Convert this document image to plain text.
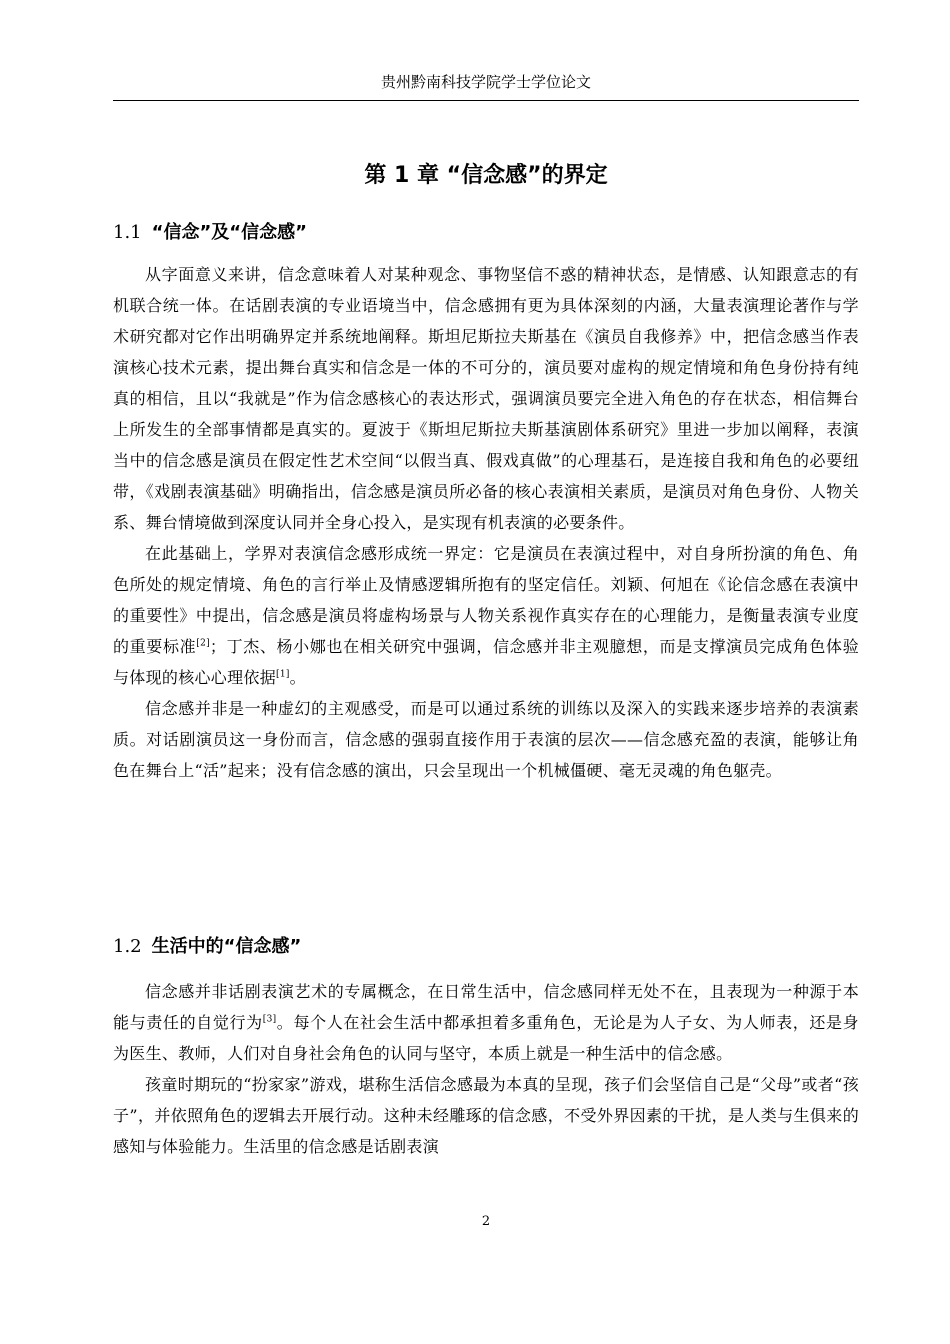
贵州黔南科技学院学士学位论文
第 1 章 “信念感”的界定
1.1 “信念”及“信念感”

从字面意义来讲，信念意味着人对某种观念、事物坚信不惑的精神状态，是情感、认知跟意志的有机联合统一体。在话剧表演的专业语境当中，信念感拥有更为具体深刻的内涵，大量表演理论著作与学术研究都对它作出明确界定并系统地阐释。斯坦尼斯拉夫斯基在《演员自我修养》中，把信念感当作表演核心技术元素，提出舞台真实和信念是一体的不可分的，演员要对虚构的规定情境和角色身份持有纯真的相信，且以“我就是”作为信念感核心的表达形式，强调演员要完全进入角色的存在状态，相信舞台上所发生的全部事情都是真实的。夏波于《斯坦尼斯拉夫斯基演剧体系研究》里进一步加以阐释，表演当中的信念感是演员在假定性艺术空间“以假当真、假戏真做”的心理基石，是连接自我和角色的必要纽带，《戏剧表演基础》明确指出，信念感是演员所必备的核心表演相关素质，是演员对角色身份、人物关系、舞台情境做到深度认同并全身心投入，是实现有机表演的必要条件。

在此基础上，学界对表演信念感形成统一界定：它是演员在表演过程中，对自身所扮演的角色、角色所处的规定情境、角色的言行举止及情感逻辑所抱有的坚定信任。刘颖、何旭在《论信念感在表演中的重要性》中提出，信念感是演员将虚构场景与人物关系视作真实存在的心理能力，是衡量表演专业度的重要标准[2]；丁杰、杨小娜也在相关研究中强调，信念感并非主观臆想，而是支撑演员完成角色体验与体现的核心心理依据[1]。

信念感并非是一种虚幻的主观感受，而是可以通过系统的训练以及深入的实践来逐步培养的表演素质。对话剧演员这一身份而言，信念感的强弱直接作用于表演的层次——信念感充盈的表演，能够让角色在舞台上“活”起来；没有信念感的演出，只会呈现出一个机械僵硬、毫无灵魂的角色躯壳。

1.2 生活中的“信念感”

信念感并非话剧表演艺术的专属概念，在日常生活中，信念感同样无处不在，且表现为一种源于本能与责任的自觉行为[3]。每个人在社会生活中都承担着多重角色，无论是为人子女、为人师表，还是身为医生、教师，人们对自身社会角色的认同与坚守，本质上就是一种生活中的信念感。

孩童时期玩的“扮家家”游戏，堪称生活信念感最为本真的呈现，孩子们会坚信自己是“父母”或者“孩子”，并依照角色的逻辑去开展行动。这种未经雕琢的信念感，不受外界因素的干扰，是人类与生俱来的感知与体验能力。生活里的信念感是话剧表演

2
